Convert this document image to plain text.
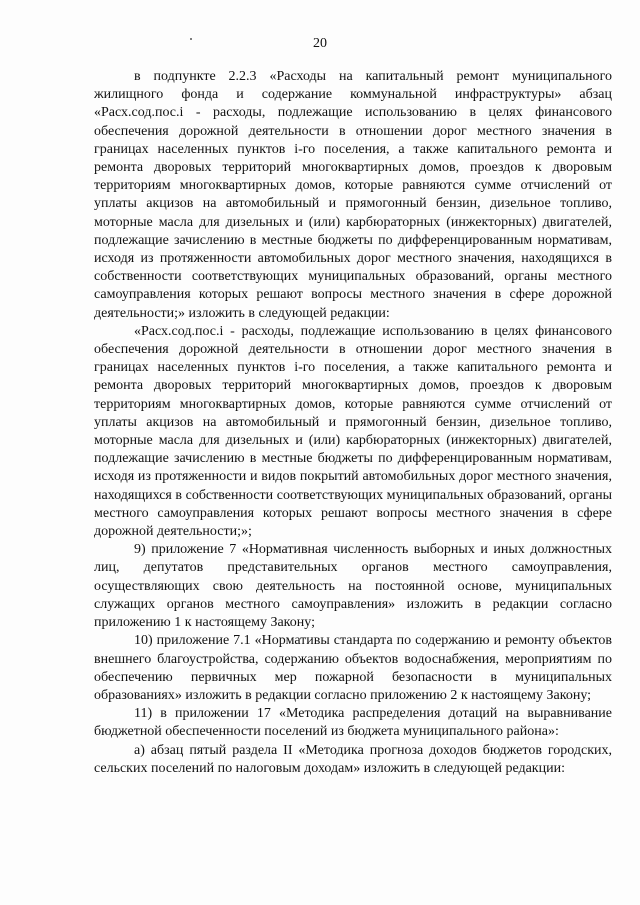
20

в подпункте 2.2.3 «Расходы на капитальный ремонт муниципального жилищного фонда и содержание коммунальной инфраструктуры» абзац «Расх.сод.пос.i - расходы, подлежащие использованию в целях финансового обеспечения дорожной деятельности в отношении дорог местного значения в границах населенных пунктов i-го поселения, а также капитального ремонта и ремонта дворовых территорий многоквартирных домов, проездов к дворовым территориям многоквартирных домов, которые равняются сумме отчислений от уплаты акцизов на автомобильный и прямогонный бензин, дизельное топливо, моторные масла для дизельных и (или) карбюраторных (инжекторных) двигателей, подлежащие зачислению в местные бюджеты по дифференцированным нормативам, исходя из протяженности автомобильных дорог местного значения, находящихся в собственности соответствующих муниципальных образований, органы местного самоуправления которых решают вопросы местного значения в сфере дорожной деятельности;» изложить в следующей редакции:

«Расх.сод.пос.i - расходы, подлежащие использованию в целях финансового обеспечения дорожной деятельности в отношении дорог местного значения в границах населенных пунктов i-го поселения, а также капитального ремонта и ремонта дворовых территорий многоквартирных домов, проездов к дворовым территориям многоквартирных домов, которые равняются сумме отчислений от уплаты акцизов на автомобильный и прямогонный бензин, дизельное топливо, моторные масла для дизельных и (или) карбюраторных (инжекторных) двигателей, подлежащие зачислению в местные бюджеты по дифференцированным нормативам, исходя из протяженности и видов покрытий автомобильных дорог местного значения, находящихся в собственности соответствующих муниципальных образований, органы местного самоуправления которых решают вопросы местного значения в сфере дорожной деятельности;»;

9) приложение 7 «Нормативная численность выборных и иных должностных лиц, депутатов представительных органов местного самоуправления, осуществляющих свою деятельность на постоянной основе, муниципальных служащих органов местного самоуправления» изложить в редакции согласно приложению 1 к настоящему Закону;

10) приложение 7.1 «Нормативы стандарта по содержанию и ремонту объектов внешнего благоустройства, содержанию объектов водоснабжения, мероприятиям по обеспечению первичных мер пожарной безопасности в муниципальных образованиях» изложить в редакции согласно приложению 2 к настоящему Закону;

11) в приложении 17 «Методика распределения дотаций на выравнивание бюджетной обеспеченности поселений из бюджета муниципального района»:

а) абзац пятый раздела II «Методика прогноза доходов бюджетов городских, сельских поселений по налоговым доходам» изложить в следующей редакции:
